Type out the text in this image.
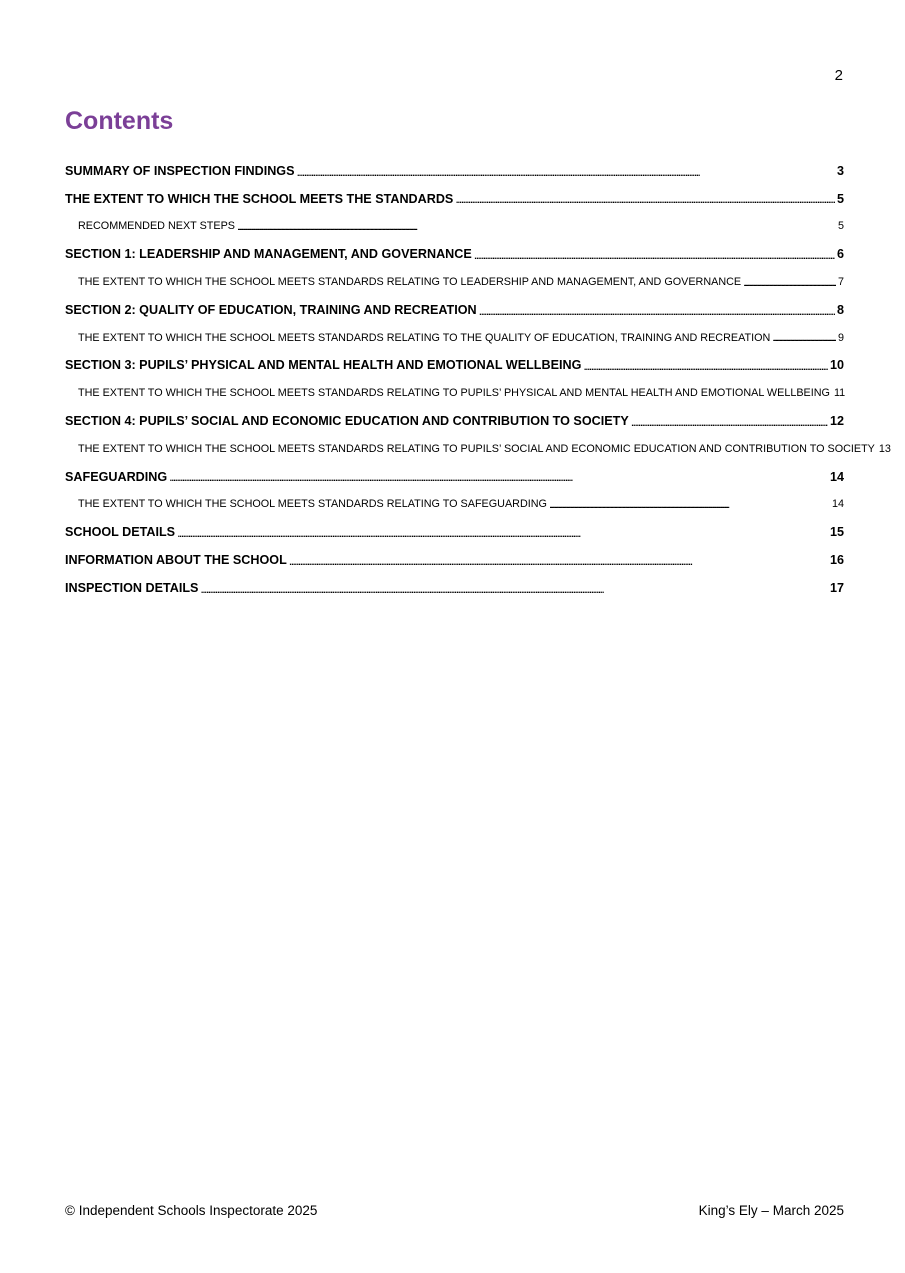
2
Contents
SUMMARY OF INSPECTION FINDINGS . . .	3
THE EXTENT TO WHICH THE SCHOOL MEETS THE STANDARDS . . .	5
RECOMMENDED NEXT STEPS . . .	5
SECTION 1: LEADERSHIP AND MANAGEMENT, AND GOVERNANCE . . .	6
THE EXTENT TO WHICH THE SCHOOL MEETS STANDARDS RELATING TO LEADERSHIP AND MANAGEMENT, AND GOVERNANCE . . .	7
SECTION 2: QUALITY OF EDUCATION, TRAINING AND RECREATION . . .	8
THE EXTENT TO WHICH THE SCHOOL MEETS STANDARDS RELATING TO THE QUALITY OF EDUCATION, TRAINING AND RECREATION . . .	9
SECTION 3: PUPILS’ PHYSICAL AND MENTAL HEALTH AND EMOTIONAL WELLBEING . . .	10
THE EXTENT TO WHICH THE SCHOOL MEETS STANDARDS RELATING TO PUPILS’ PHYSICAL AND MENTAL HEALTH AND EMOTIONAL WELLBEING 11
SECTION 4: PUPILS’ SOCIAL AND ECONOMIC EDUCATION AND CONTRIBUTION TO SOCIETY . . .	12
THE EXTENT TO WHICH THE SCHOOL MEETS STANDARDS RELATING TO PUPILS’ SOCIAL AND ECONOMIC EDUCATION AND CONTRIBUTION TO SOCIETY 13
SAFEGUARDING . . .	14
THE EXTENT TO WHICH THE SCHOOL MEETS STANDARDS RELATING TO SAFEGUARDING . . .	14
SCHOOL DETAILS . . .	15
INFORMATION ABOUT THE SCHOOL . . .	16
INSPECTION DETAILS . . .	17
© Independent Schools Inspectorate 2025	King’s Ely – March 2025
